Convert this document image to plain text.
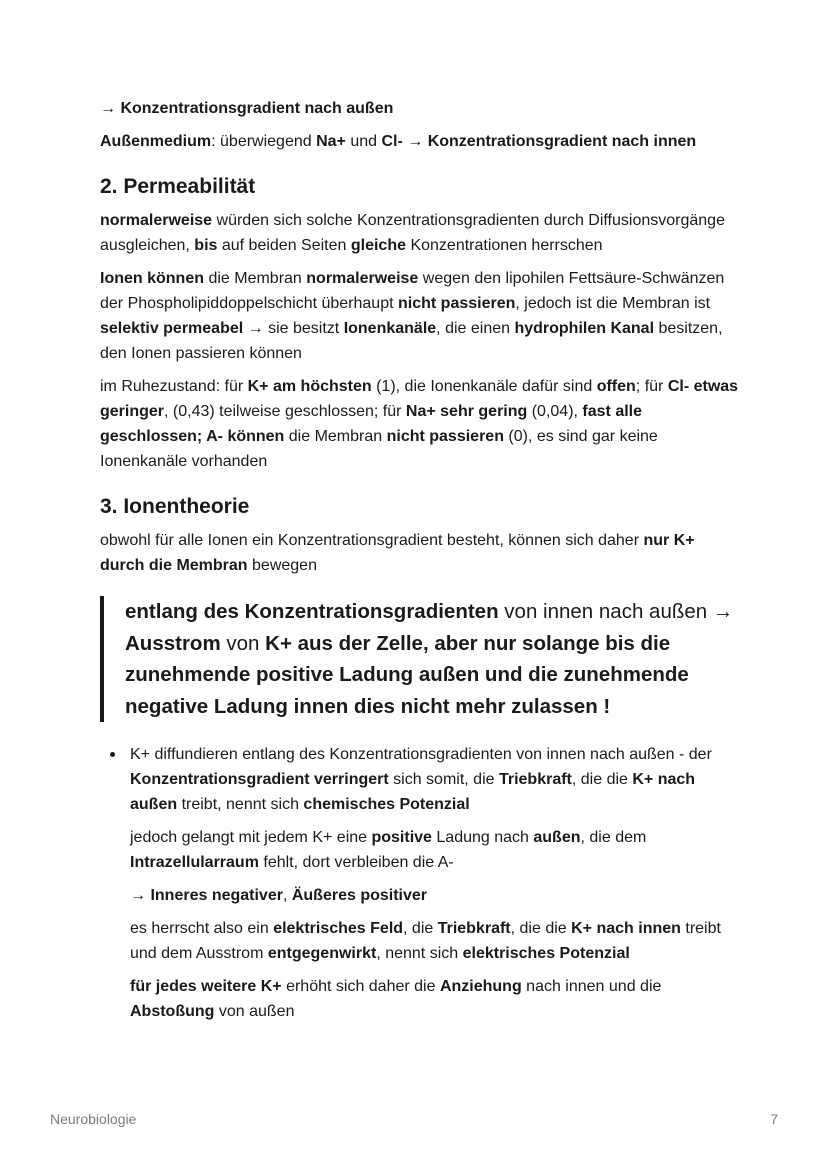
→ Konzentrationsgradient nach außen

Außenmedium: überwiegend Na+ und Cl- → Konzentrationsgradient nach innen

2. Permeabilität

normalerweise würden sich solche Konzentrationsgradienten durch Diffusionsvorgänge ausgleichen, bis auf beiden Seiten gleiche Konzentrationen herrschen

Ionen können die Membran normalerweise wegen den lipohilen Fettsäure-Schwänzen der Phospholipiddoppelschicht überhaupt nicht passieren, jedoch ist die Membran ist selektiv permeabel → sie besitzt Ionenkanäle, die einen hydrophilen Kanal besitzen, den Ionen passieren können

im Ruhezustand: für K+ am höchsten (1), die Ionenkanäle dafür sind offen; für Cl- etwas geringer, (0,43) teilweise geschlossen; für Na+ sehr gering (0,04), fast alle geschlossen; A- können die Membran nicht passieren (0), es sind gar keine Ionenkanäle vorhanden

3. Ionentheorie

obwohl für alle Ionen ein Konzentrationsgradient besteht, können sich daher nur K+ durch die Membran bewegen

entlang des Konzentrationsgradienten von innen nach außen → Ausstrom von K+ aus der Zelle, aber nur solange bis die zunehmende positive Ladung außen und die zunehmende negative Ladung innen dies nicht mehr zulassen !

K+ diffundieren entlang des Konzentrationsgradienten von innen nach außen - der Konzentrationsgradient verringert sich somit, die Triebkraft, die die K+ nach außen treibt, nennt sich chemisches Potenzial

jedoch gelangt mit jedem K+ eine positive Ladung nach außen, die dem Intrazellularraum fehlt, dort verbleiben die A-

→ Inneres negativer, Äußeres positiver

es herrscht also ein elektrisches Feld, die Triebkraft, die die K+ nach innen treibt und dem Ausstrom entgegenwirkt, nennt sich elektrisches Potenzial

für jedes weitere K+ erhöht sich daher die Anziehung nach innen und die Abstoßung von außen

Neurobiologie	7
